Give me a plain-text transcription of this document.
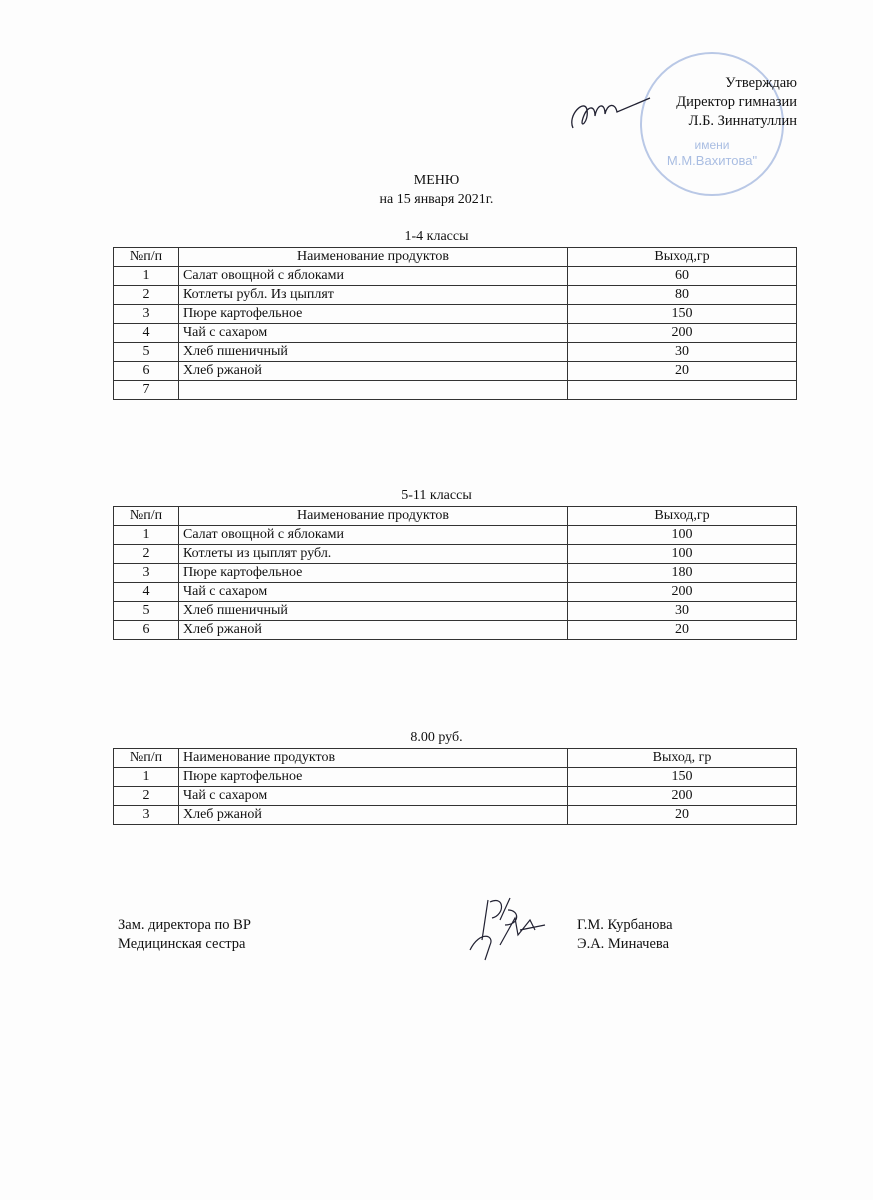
имени
М.М.Вахитова"
Утверждаю
Директор гимназии
Л.Б. Зиннатуллин
МЕНЮ
на 15 января 2021г.
1-4 классы
№п/п	Наименование продуктов	Выход,гр
1	Салат овощной с яблоками	60
2	Котлеты рубл. Из цыплят	80
3	Пюре картофельное	150
4	Чай с сахаром	200
5	Хлеб пшеничный	30
6	Хлеб ржаной	20
7		
5-11 классы
№п/п	Наименование продуктов	Выход,гр
1	Салат овощной с яблоками	100
2	Котлеты из цыплят рубл.	100
3	Пюре картофельное	180
4	Чай с сахаром	200
5	Хлеб пшеничный	30
6	Хлеб ржаной	20
8.00 руб.
№п/п	Наименование продуктов	Выход, гр
1	Пюре картофельное	150
2	Чай с сахаром	200
3	Хлеб ржаной	20
Зам. директора по ВР
Медицинская сестра
Г.М. Курбанова
Э.А. Миначева
